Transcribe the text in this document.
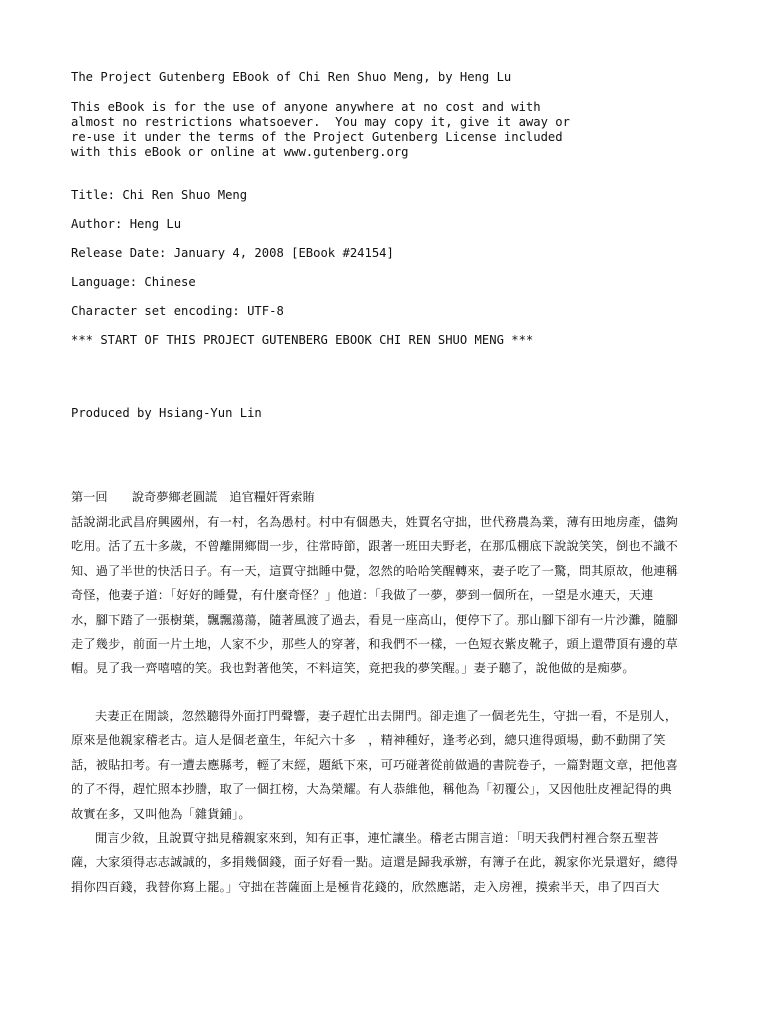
The Project Gutenberg EBook of Chi Ren Shuo Meng, by Heng Lu
This eBook is for the use of anyone anywhere at no cost and with
almost no restrictions whatsoever.  You may copy it, give it away or
re-use it under the terms of the Project Gutenberg License included
with this eBook or online at www.gutenberg.org
Title: Chi Ren Shuo Meng
Author: Heng Lu
Release Date: January 4, 2008 [EBook #24154]
Language: Chinese
Character set encoding: UTF-8
*** START OF THIS PROJECT GUTENBERG EBOOK CHI REN SHUO MENG ***
Produced by Hsiang-Yun Lin
第一回　　說奇夢鄉老圓謊　追官糧奸胥索賄
話說湖北武昌府興國州，有一村，名為愚村。村中有個愚夫，姓賈名守拙，世代務農為業，薄有田地房產，儘夠
吃用。活了五十多歲，不曾離開鄉間一步，往常時節，跟著一班田夫野老，在那瓜棚底下說說笑笑，倒也不識不
知、過了半世的快活日子。有一天，這賈守拙睡中覺，忽然的哈哈笑醒轉來，妻子吃了一驚，問其原故，他連稱
奇怪，他妻子道：「好好的睡覺，有什麼奇怪？」他道：「我做了一夢，夢到一個所在，一望是水連天，天連
水，腳下踏了一張樹葉，飄飄蕩蕩，隨著風渡了過去，看見一座高山，便停下了。那山腳下卻有一片沙灘，隨腳
走了幾步，前面一片土地，人家不少，那些人的穿著，和我們不一樣，一色短衣紫皮靴子，頭上還帶頂有邊的草
帽。見了我一齊嘻嘻的笑。我也對著他笑，不料這笑，竟把我的夢笑醒。」妻子聽了，說他做的是痴夢。
夫妻正在閒談，忽然聽得外面打門聲響，妻子趕忙出去開門。卻走進了一個老先生，守拙一看，不是別人，
原來是他親家稽老古。這人是個老童生，年紀六十多　，精神種好，逢考必到，總只進得頭場，動不動開了笑
話，被貼扣考。有一遭去應縣考，輕了末經，題紙下來，可巧碰著從前做過的書院卷子，一篇對題文章，把他喜
的了不得，趕忙照本抄謄，取了一個扛榜，大為榮耀。有人恭維他，稱他為「初覆公」，又因他肚皮裡記得的典
故實在多，又叫他為「雜貨鋪」。
閒言少敘，且說賈守拙見稽親家來到，知有正事，連忙讓坐。稽老古開言道：「明天我們村裡合祭五聖菩
薩，大家須得志志誠誠的，多捐幾個錢，面子好看一點。這還是歸我承辦，有簿子在此，親家你光景還好，總得
捐你四百錢，我替你寫上罷。」守拙在菩薩面上是極肯花錢的，欣然應諾，走入房裡，摸索半天，串了四百大
